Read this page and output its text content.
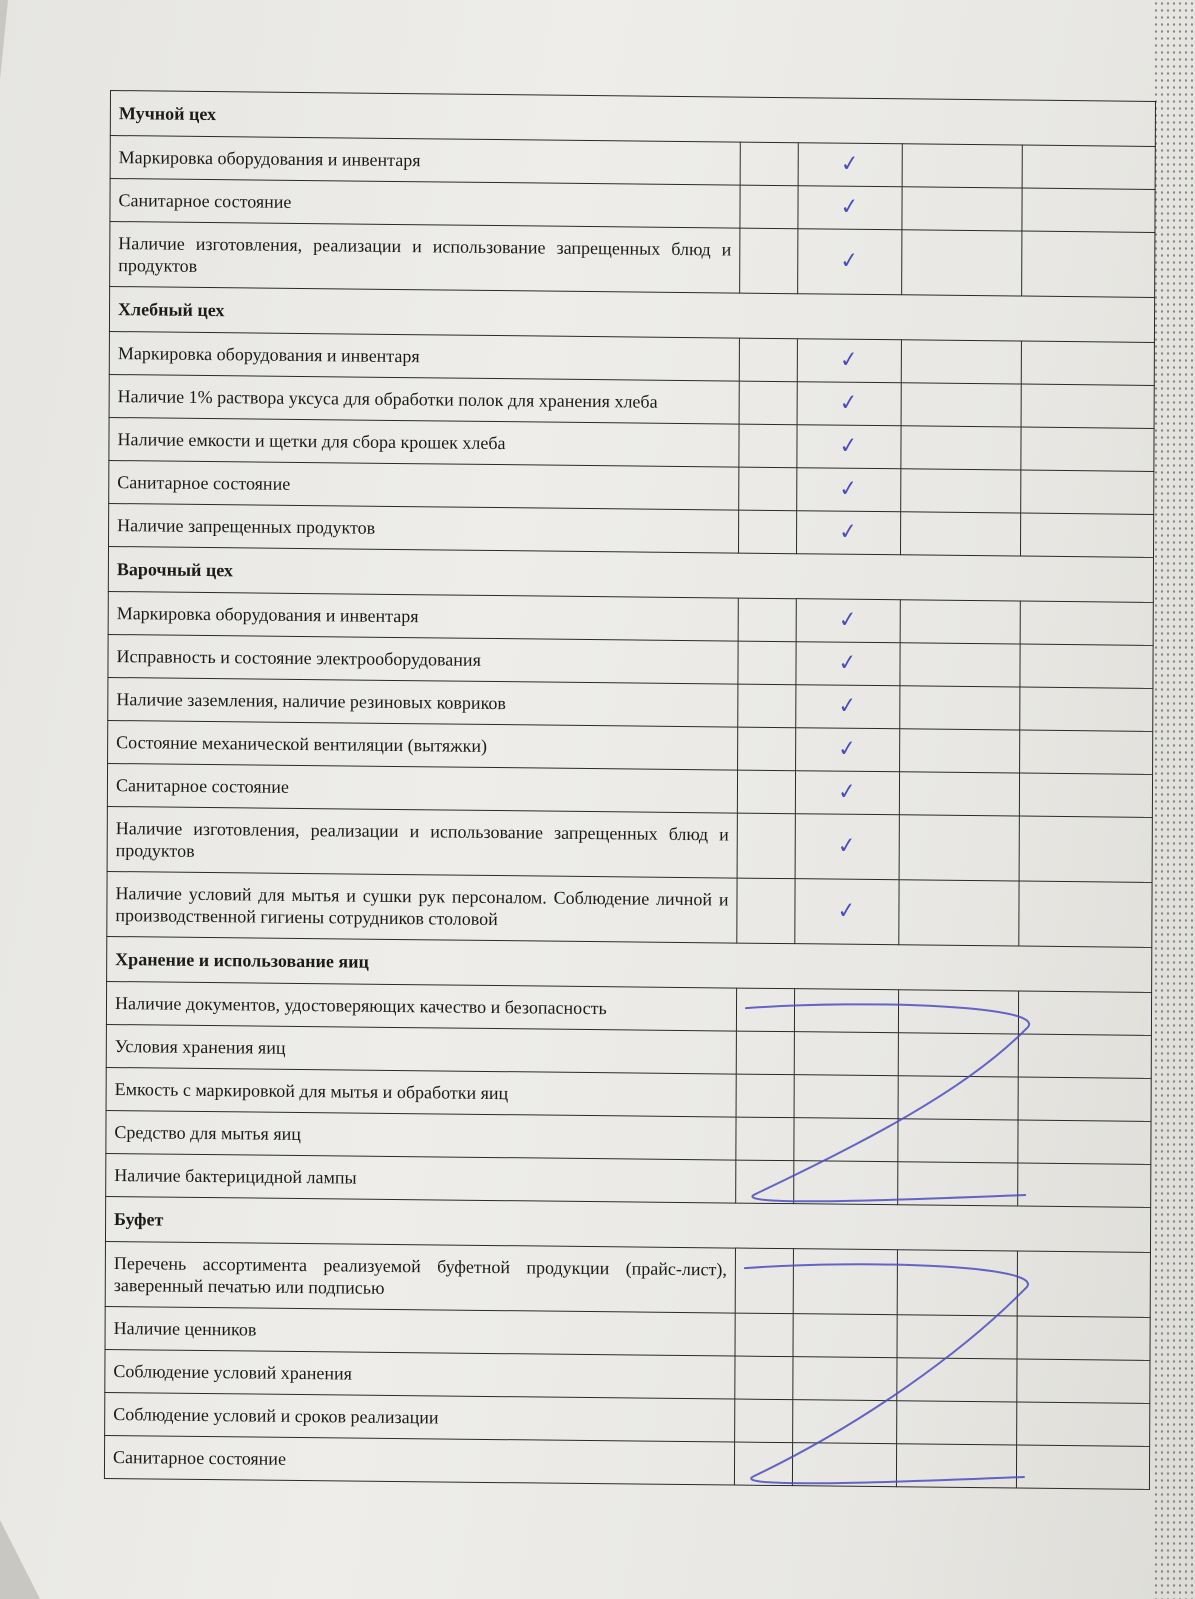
Мучной цех				
Маркировка оборудования и инвентаря		✓		
Санитарное состояние		✓		
Наличие изготовления, реализации и использование запрещенных блюд и продуктов		✓		
Хлебный цех				
Маркировка оборудования и инвентаря		✓		
Наличие 1% раствора уксуса для обработки полок для хранения хлеба		✓		
Наличие емкости и щетки для сбора крошек хлеба		✓		
Санитарное состояние		✓		
Наличие запрещенных продуктов		✓		
Варочный цех				
Маркировка оборудования и инвентаря		✓		
Исправность и состояние электрооборудования		✓		
Наличие заземления, наличие резиновых ковриков		✓		
Состояние механической вентиляции (вытяжки)		✓		
Санитарное состояние		✓		
Наличие изготовления, реализации и использование запрещенных блюд и продуктов		✓		
Наличие условий для мытья и сушки рук персоналом. Соблюдение личной и производственной гигиены сотрудников столовой		✓		
Хранение и использование яиц				
Наличие документов, удостоверяющих качество и безопасность				
Условия хранения яиц				
Емкость с маркировкой для мытья и обработки яиц				
Средство для мытья яиц				
Наличие бактерицидной лампы				
Буфет				
Перечень ассортимента реализуемой буфетной продукции (прайс-лист), заверенный печатью или подписью				
Наличие ценников				
Соблюдение условий хранения				
Соблюдение условий и сроков реализации				
Санитарное состояние				
